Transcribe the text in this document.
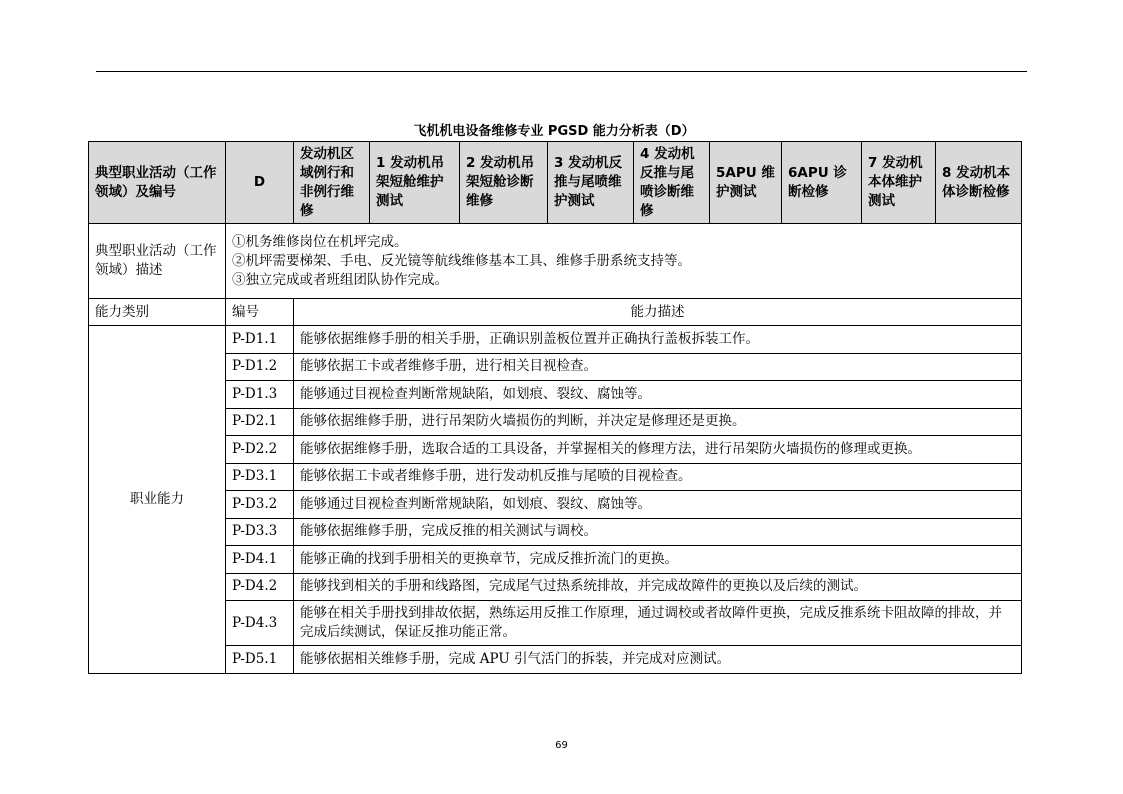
飞机机电设备维修专业 PGSD 能力分析表（D）
典型职业活动（工作领域）及编号	D	发动机区域例行和非例行维修	1 发动机吊架短舱维护测试	2 发动机吊架短舱诊断维修	3 发动机反推与尾喷维护测试	4 发动机反推与尾喷诊断维修	5APU 维护测试	6APU 诊断检修	7 发动机本体维护测试	8 发动机本体诊断检修
典型职业活动（工作领域）描述	①机务维修岗位在机坪完成。
②机坪需要梯架、手电、反光镜等航线维修基本工具、维修手册系统支持等。
③独立完成或者班组团队协作完成。									

能力类别	编号	能力描述								
职业能力	P-D1.1	能够依据维修手册的相关手册，正确识别盖板位置并正确执行盖板拆装工作。								
	P-D1.2	能够依据工卡或者维修手册，进行相关目视检查。								
	P-D1.3	能够通过目视检查判断常规缺陷，如划痕、裂纹、腐蚀等。								
	P-D2.1	能够依据维修手册，进行吊架防火墙损伤的判断，并决定是修理还是更换。								
	P-D2.2	能够依据维修手册，选取合适的工具设备，并掌握相关的修理方法，进行吊架防火墙损伤的修理或更换。								
	P-D3.1	能够依据工卡或者维修手册，进行发动机反推与尾喷的目视检查。								
	P-D3.2	能够通过目视检查判断常规缺陷，如划痕、裂纹、腐蚀等。								
	P-D3.3	能够依据维修手册，完成反推的相关测试与调校。								
	P-D4.1	能够正确的找到手册相关的更换章节，完成反推折流门的更换。								
	P-D4.2	能够找到相关的手册和线路图，完成尾气过热系统排故，并完成故障件的更换以及后续的测试。								
	P-D4.3	能够在相关手册找到排故依据，熟练运用反推工作原理，通过调校或者故障件更换，完成反推系统卡阻故障的排故，并完成后续测试，保证反推功能正常。								
	P-D5.1	能够依据相关维修手册，完成 APU 引气活门的拆装，并完成对应测试。								
69
